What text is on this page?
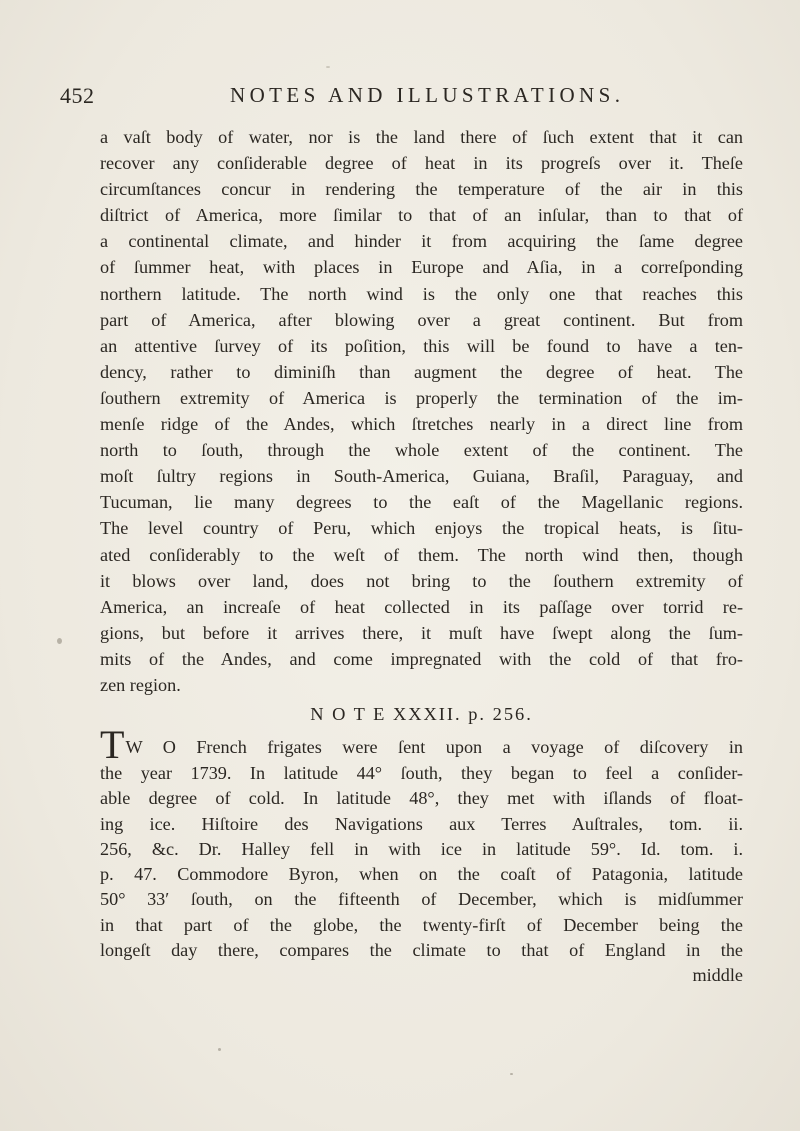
452	NOTES AND ILLUSTRATIONS.
a vaſt body of water, nor is the land there of ſuch extent that it can
recover any conſiderable degree of heat in its progreſs over it. Theſe
circumſtances concur in rendering the temperature of the air in this
diſtrict of America, more ſimilar to that of an inſular, than to that of
a continental climate, and hinder it from acquiring the ſame degree
of ſummer heat, with places in Europe and Aſia, in a correſponding
northern latitude. The north wind is the only one that reaches this
part of America, after blowing over a great continent. But from
an attentive ſurvey of its poſition, this will be found to have a ten-
dency, rather to diminiſh than augment the degree of heat. The
ſouthern extremity of America is properly the termination of the im-
menſe ridge of the Andes, which ſtretches nearly in a direct line from
north to ſouth, through the whole extent of the continent. The
moſt ſultry regions in South-America, Guiana, Braſil, Paraguay, and
Tucuman, lie many degrees to the eaſt of the Magellanic regions.
The level country of Peru, which enjoys the tropical heats, is ſitu-
ated conſiderably to the weſt of them. The north wind then, though
it blows over land, does not bring to the ſouthern extremity of
America, an increaſe of heat collected in its paſſage over torrid re-
gions, but before it arrives there, it muſt have ſwept along the ſum-
mits of the Andes, and come impregnated with the cold of that fro-
zen region.
N O T E XXXII. p. 256.
T W O French frigates were ſent upon a voyage of diſcovery in
the year 1739. In latitude 44° ſouth, they began to feel a conſider-
able degree of cold. In latitude 48°, they met with iſlands of float-
ing ice. Hiſtoire des Navigations aux Terres Auſtrales, tom. ii.
256, &c. Dr. Halley fell in with ice in latitude 59°. Id. tom. i.
p. 47. Commodore Byron, when on the coaſt of Patagonia, latitude
50° 33′ ſouth, on the fifteenth of December, which is midſummer
in that part of the globe, the twenty-firſt of December being the
longeſt day there, compares the climate to that of England in the
middle
